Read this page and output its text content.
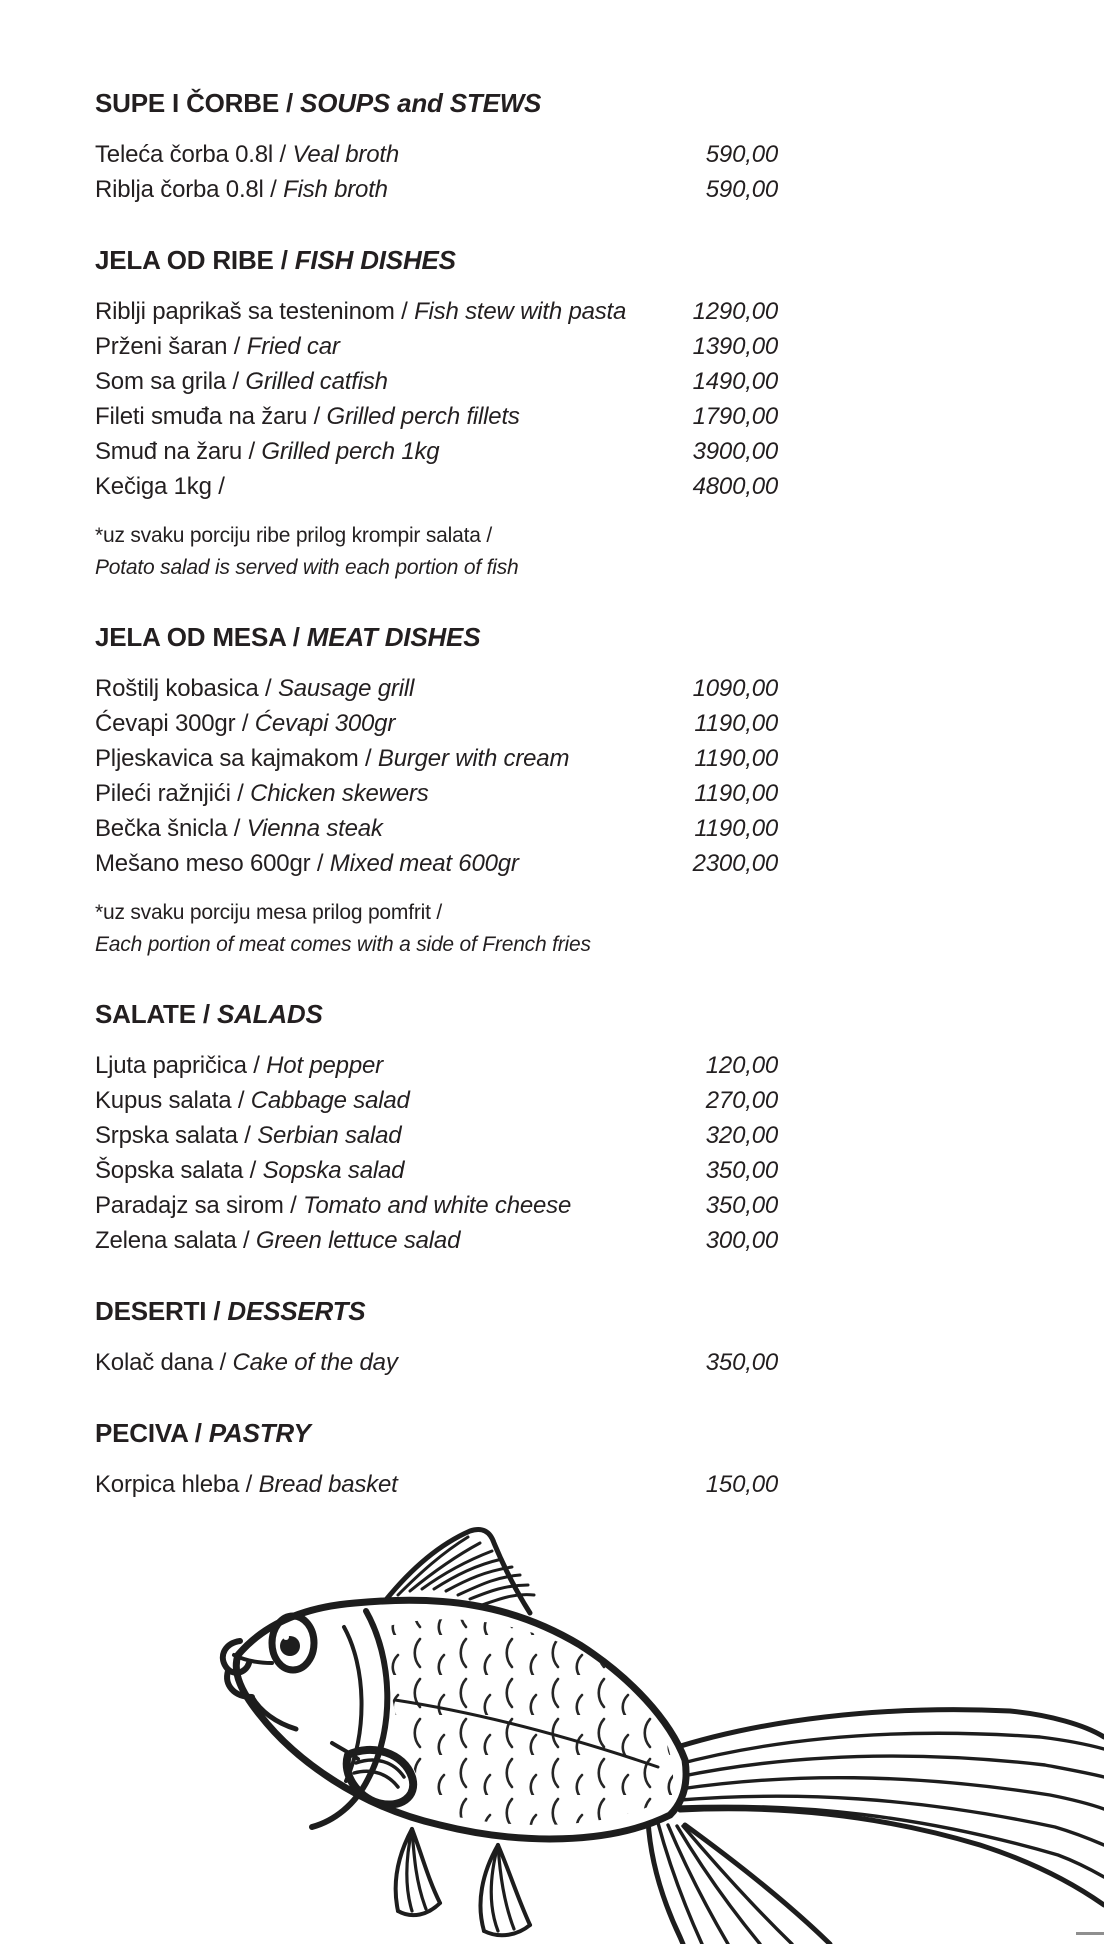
SUPE I ČORBE / SOUPS and STEWS
Teleća čorba 0.8l / Veal broth	590,00
Riblja čorba 0.8l / Fish broth	590,00
JELA OD RIBE / FISH DISHES
Riblji paprikaš sa testeninom / Fish stew with pasta	1290,00
Prženi šaran / Fried car	1390,00
Som sa grila / Grilled catfish	1490,00
Fileti smuđa na žaru / Grilled perch fillets	1790,00
Smuđ na žaru / Grilled perch 1kg	3900,00
Kečiga 1kg /	4800,00

*uz svaku porciju ribe prilog krompir salata /
Potato salad is served with each portion of fish

JELA OD MESA / MEAT DISHES
Roštilj kobasica / Sausage grill	1090,00
Ćevapi 300gr / Ćevapi 300gr	1190,00
Pljeskavica sa kajmakom / Burger with cream	1190,00
Pileći ražnjići / Chicken skewers	1190,00
Bečka šnicla / Vienna steak	1190,00
Mešano meso 600gr / Mixed meat 600gr	2300,00

*uz svaku porciju mesa prilog pomfrit /
Each portion of meat comes with a side of French fries

SALATE / SALADS
Ljuta papričica / Hot pepper	120,00
Kupus salata / Cabbage salad	270,00
Srpska salata / Serbian salad	320,00
Šopska salata / Sopska salad	350,00
Paradajz sa sirom / Tomato and white cheese	350,00
Zelena salata / Green lettuce salad	300,00
DESERTI / DESSERTS
Kolač dana / Cake of the day	350,00
PECIVA / PASTRY
Korpica hleba / Bread basket	150,00
